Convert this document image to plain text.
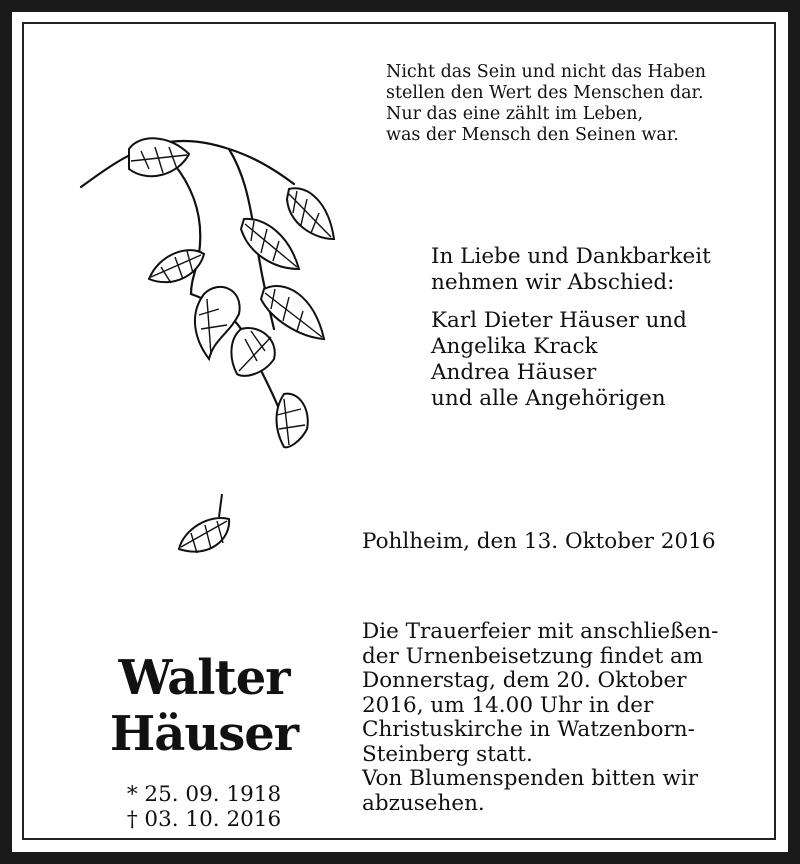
Nicht das Sein und nicht das Haben
stellen den Wert des Menschen dar.
Nur das eine zählt im Leben,
was der Mensch den Seinen war.
In Liebe und Dankbarkeit
nehmen wir Abschied:
Karl Dieter Häuser und
Angelika Krack
Andrea Häuser
und alle Angehörigen
Pohlheim, den 13. Oktober 2016
Die Trauerfeier mit anschließen-
der Urnenbeisetzung findet am
Donnerstag, dem 20. Oktober
2016, um 14.00 Uhr in der
Christuskirche in Watzenborn-
Steinberg statt.
Von Blumenspenden bitten wir
abzusehen.
Walter
Häuser
* 25. 09. 1918
† 03. 10. 2016
